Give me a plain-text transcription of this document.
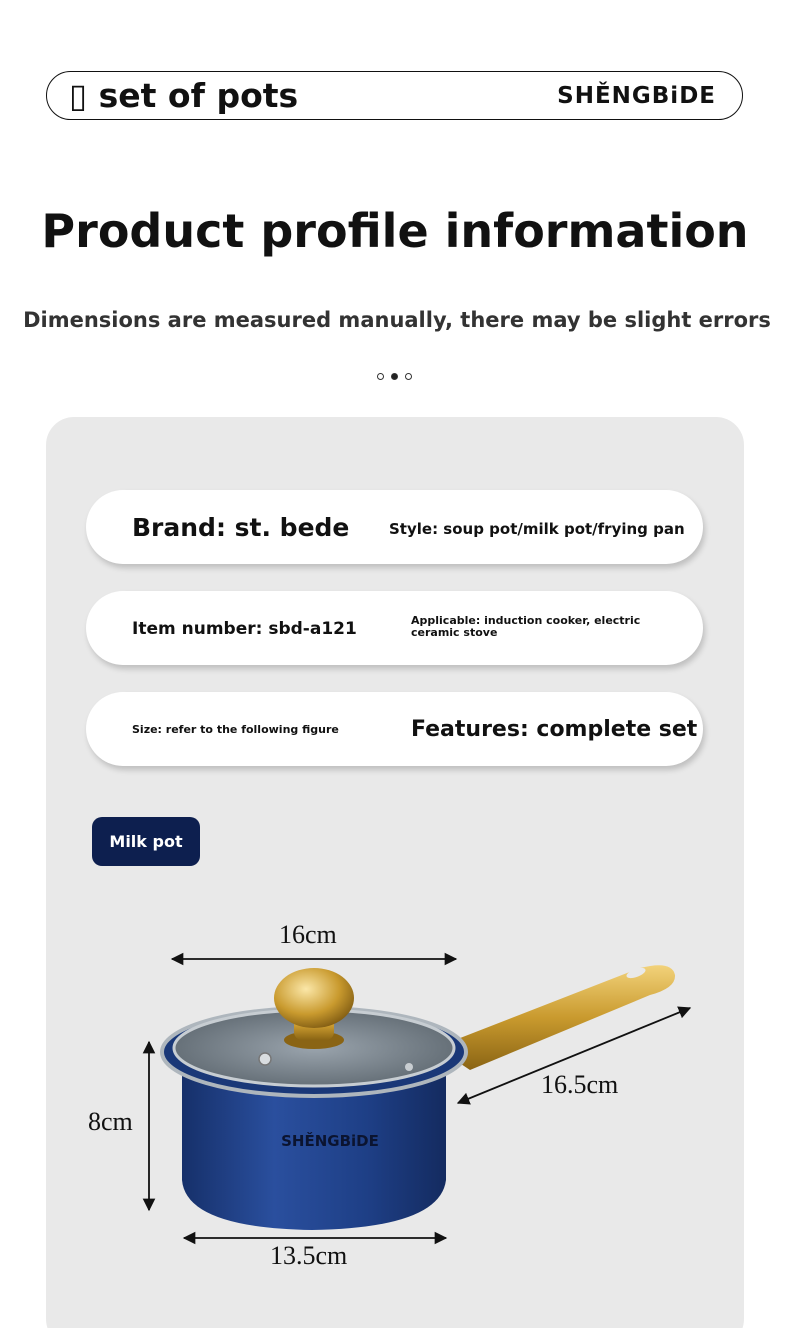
▯ set of pots	SHĚNGBiDE
Product profile information
Dimensions are measured manually, there may be slight errors
Brand: st. bede	Style: soup pot/milk pot/frying pan
Item number: sbd-a121	Applicable: induction cooker, electric ceramic stove
Size: refer to the following figure	Features: complete set
Milk pot
SHĚNGBiDE
16cm
8cm
16.5cm
13.5cm
